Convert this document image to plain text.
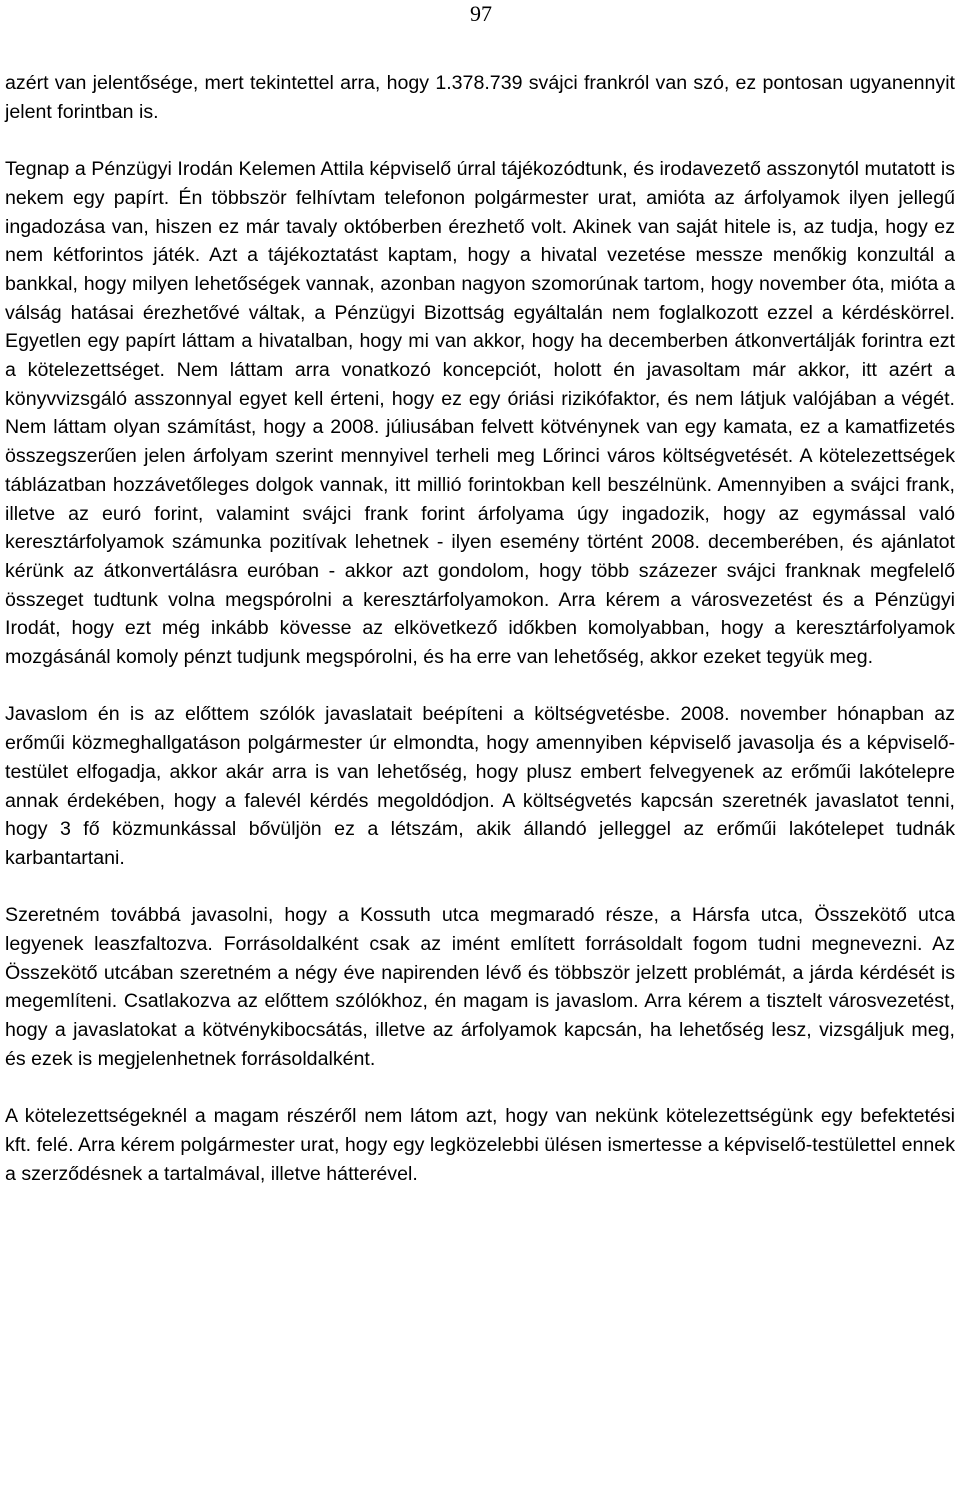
97

azért van jelentősége, mert tekintettel arra, hogy 1.378.739 svájci frankról van szó, ez pontosan ugyanennyit jelent forintban is.

Tegnap a Pénzügyi Irodán Kelemen Attila képviselő úrral tájékozódtunk, és irodavezető asszonytól mutatott is nekem egy papírt. Én többször felhívtam telefonon polgármester urat, amióta az árfolyamok ilyen jellegű ingadozása van, hiszen ez már tavaly októberben érezhető volt. Akinek van saját hitele is, az tudja, hogy ez nem kétforintos játék. Azt a tájékoztatást kaptam, hogy a hivatal vezetése messze menőkig konzultál a bankkal, hogy milyen lehetőségek vannak, azonban nagyon szomorúnak tartom, hogy november óta, mióta a válság hatásai érezhetővé váltak, a Pénzügyi Bizottság egyáltalán nem foglalkozott ezzel a kérdéskörrel. Egyetlen egy papírt láttam a hivatalban, hogy mi van akkor, hogy ha decemberben átkonvertálják forintra ezt a kötelezettséget. Nem láttam arra vonatkozó koncepciót, holott én javasoltam már akkor, itt azért a könyvvizsgáló asszonnyal egyet kell érteni, hogy ez egy óriási rizikófaktor, és nem látjuk valójában a végét. Nem láttam olyan számítást, hogy a 2008. júliusában felvett kötvénynek van egy kamata, ez a kamatfizetés összegszerűen jelen árfolyam szerint mennyivel terheli meg Lőrinci város költségvetését. A kötelezettségek táblázatban hozzávetőleges dolgok vannak, itt millió forintokban kell beszélnünk. Amennyiben a svájci frank, illetve az euró forint, valamint svájci frank forint árfolyama úgy ingadozik, hogy az egymással való keresztárfolyamok számunka pozitívak lehetnek - ilyen esemény történt 2008. decemberében, és ajánlatot kérünk az átkonvertálásra euróban - akkor azt gondolom, hogy több százezer svájci franknak megfelelő összeget tudtunk volna megspórolni a keresztárfolyamokon. Arra kérem a városvezetést és a Pénzügyi Irodát, hogy ezt még inkább kövesse az elkövetkező időkben komolyabban, hogy a keresztárfolyamok mozgásánál komoly pénzt tudjunk megspórolni, és ha erre van lehetőség, akkor ezeket tegyük meg.

Javaslom én is az előttem szólók javaslatait beépíteni a költségvetésbe. 2008. november hónapban az erőműi közmeghallgatáson polgármester úr elmondta, hogy amennyiben képviselő javasolja és a képviselő-testület elfogadja, akkor akár arra is van lehetőség, hogy plusz embert felvegyenek az erőműi lakótelepre annak érdekében, hogy a falevél kérdés megoldódjon. A költségvetés kapcsán szeretnék javaslatot tenni, hogy 3 fő közmunkással bővüljön ez a létszám, akik állandó jelleggel az erőműi lakótelepet tudnák karbantartani.

Szeretném továbbá javasolni, hogy a Kossuth utca megmaradó része, a Hársfa utca, Összekötő utca legyenek leaszfaltozva. Forrásoldalként csak az imént említett forrásoldalt fogom tudni megnevezni. Az Összekötő utcában szeretném a négy éve napirenden lévő és többször jelzett problémát, a járda kérdését is megemlíteni. Csatlakozva az előttem szólókhoz, én magam is javaslom. Arra kérem a tisztelt városvezetést, hogy a javaslatokat a kötvénykibocsátás, illetve az árfolyamok kapcsán, ha lehetőség lesz, vizsgáljuk meg, és ezek is megjelenhetnek forrásoldalként.

A kötelezettségeknél a magam részéről nem látom azt, hogy van nekünk kötelezettségünk egy befektetési kft. felé. Arra kérem polgármester urat, hogy egy legközelebbi ülésen ismertesse a képviselő-testülettel ennek a szerződésnek a tartalmával, illetve hátterével.
